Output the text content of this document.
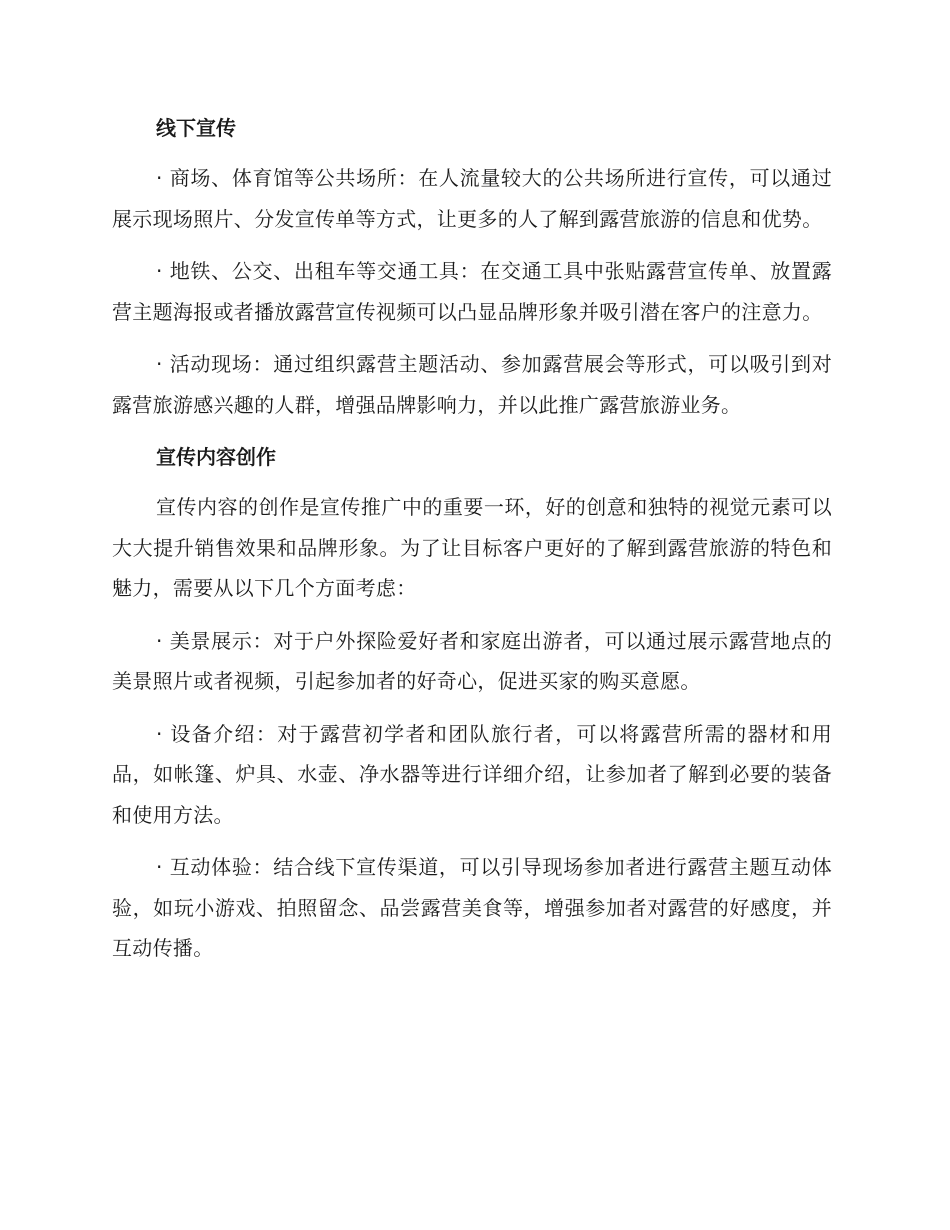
线下宣传

· 商场、体育馆等公共场所：在人流量较大的公共场所进行宣传，可以通过展示现场照片、分发宣传单等方式，让更多的人了解到露营旅游的信息和优势。

· 地铁、公交、出租车等交通工具：在交通工具中张贴露营宣传单、放置露营主题海报或者播放露营宣传视频可以凸显品牌形象并吸引潜在客户的注意力。

· 活动现场：通过组织露营主题活动、参加露营展会等形式，可以吸引到对露营旅游感兴趣的人群，增强品牌影响力，并以此推广露营旅游业务。

宣传内容创作

宣传内容的创作是宣传推广中的重要一环，好的创意和独特的视觉元素可以大大提升销售效果和品牌形象。为了让目标客户更好的了解到露营旅游的特色和魅力，需要从以下几个方面考虑：

· 美景展示：对于户外探险爱好者和家庭出游者，可以通过展示露营地点的美景照片或者视频，引起参加者的好奇心，促进买家的购买意愿。

· 设备介绍：对于露营初学者和团队旅行者，可以将露营所需的器材和用品，如帐篷、炉具、水壶、净水器等进行详细介绍，让参加者了解到必要的装备和使用方法。

· 互动体验：结合线下宣传渠道，可以引导现场参加者进行露营主题互动体验，如玩小游戏、拍照留念、品尝露营美食等，增强参加者对露营的好感度，并互动传播。
